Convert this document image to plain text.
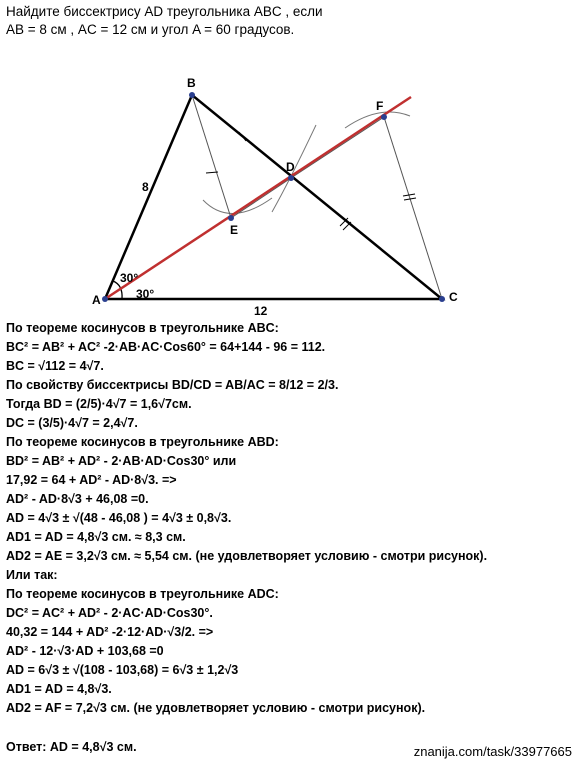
Найдите биссектрису AD треугольника ABC , если
AB = 8 см , AC = 12 см и угол A = 60 градусов.
A
B
C
D
E
F
8
12
30°
30°
По теореме косинусов в треугольнике ABC:
BC² = AB² + AC² -2·AB·AC·Cos60° = 64+144 - 96 = 112.
BC = √112 = 4√7.
По свойству биссектрисы BD/CD = AB/AC = 8/12 = 2/3.
Тогда BD = (2/5)·4√7 = 1,6√7см.
DC = (3/5)·4√7 = 2,4√7.
По теореме косинусов в треугольнике ABD:
BD² = AB² + AD² - 2·AB·AD·Cos30° или
17,92 = 64 + AD² - AD·8√3. =>
AD² - AD·8√3 + 46,08 =0.
AD = 4√3 ± √(48 - 46,08 ) = 4√3 ± 0,8√3.
AD1 = AD = 4,8√3 см. ≈ 8,3 см.
AD2 = AE = 3,2√3 см. ≈ 5,54 см. (не удовлетворяет условию - смотри рисунок).
Или так:
По теореме косинусов в треугольнике ADC:
DC² = AC² + AD² - 2·AC·AD·Cos30°.
40,32 = 144 + AD² -2·12·AD·√3/2. =>
AD² - 12·√3·AD + 103,68 =0
AD = 6√3 ± √(108 - 103,68) = 6√3 ± 1,2√3
AD1 = AD = 4,8√3.
AD2 = AF = 7,2√3 см. (не удовлетворяет условию - смотри рисунок).
Ответ: AD = 4,8√3 см.	znanija.com/task/33977665
